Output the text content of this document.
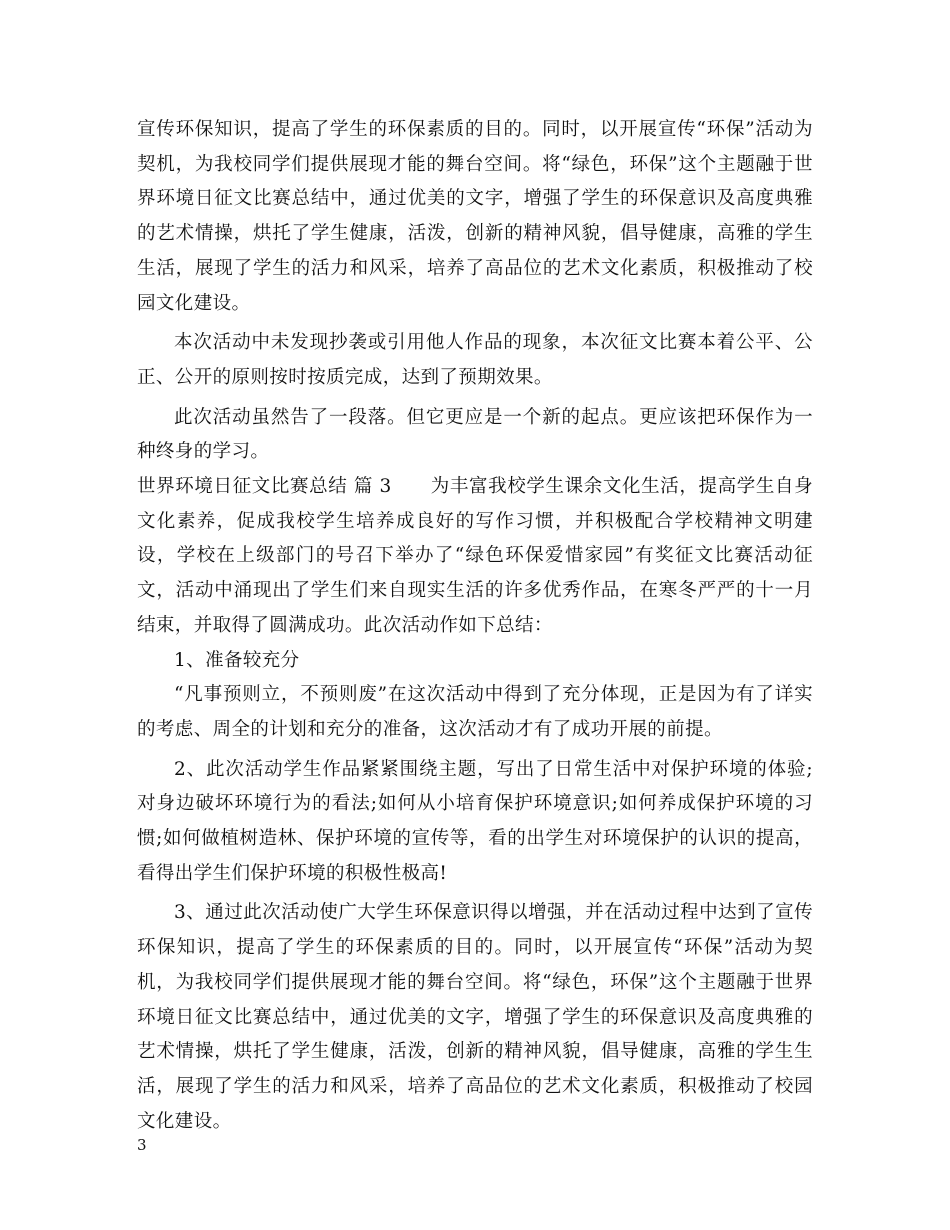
宣传环保知识，提高了学生的环保素质的目的。同时，以开展宣传“环保”活动为契机，为我校同学们提供展现才能的舞台空间。将“绿色，环保”这个主题融于世界环境日征文比赛总结中，通过优美的文字，增强了学生的环保意识及高度典雅的艺术情操，烘托了学生健康，活泼，创新的精神风貌，倡导健康，高雅的学生生活，展现了学生的活力和风采，培养了高品位的艺术文化素质，积极推动了校园文化建设。

本次活动中未发现抄袭或引用他人作品的现象，本次征文比赛本着公平、公正、公开的原则按时按质完成，达到了预期效果。

此次活动虽然告了一段落。但它更应是一个新的起点。更应该把环保作为一种终身的学习。

世界环境日征文比赛总结 篇 3 为丰富我校学生课余文化生活，提高学生自身文化素养，促成我校学生培养成良好的写作习惯，并积极配合学校精神文明建设，学校在上级部门的号召下举办了“绿色环保爱惜家园”有奖征文比赛活动征文，活动中涌现出了学生们来自现实生活的许多优秀作品，在寒冬严严的十一月结束，并取得了圆满成功。此次活动作如下总结：

1、准备较充分

“凡事预则立，不预则废”在这次活动中得到了充分体现，正是因为有了详实的考虑、周全的计划和充分的准备，这次活动才有了成功开展的前提。

2、此次活动学生作品紧紧围绕主题，写出了日常生活中对保护环境的体验;对身边破坏环境行为的看法;如何从小培育保护环境意识;如何养成保护环境的习惯;如何做植树造林、保护环境的宣传等，看的出学生对环境保护的认识的提高，看得出学生们保护环境的积极性极高!

3、通过此次活动使广大学生环保意识得以增强，并在活动过程中达到了宣传环保知识，提高了学生的环保素质的目的。同时，以开展宣传“环保”活动为契机，为我校同学们提供展现才能的舞台空间。将“绿色，环保”这个主题融于世界环境日征文比赛总结中，通过优美的文字，增强了学生的环保意识及高度典雅的艺术情操，烘托了学生健康，活泼，创新的精神风貌，倡导健康，高雅的学生生活，展现了学生的活力和风采，培养了高品位的艺术文化素质，积极推动了校园文化建设。

3
